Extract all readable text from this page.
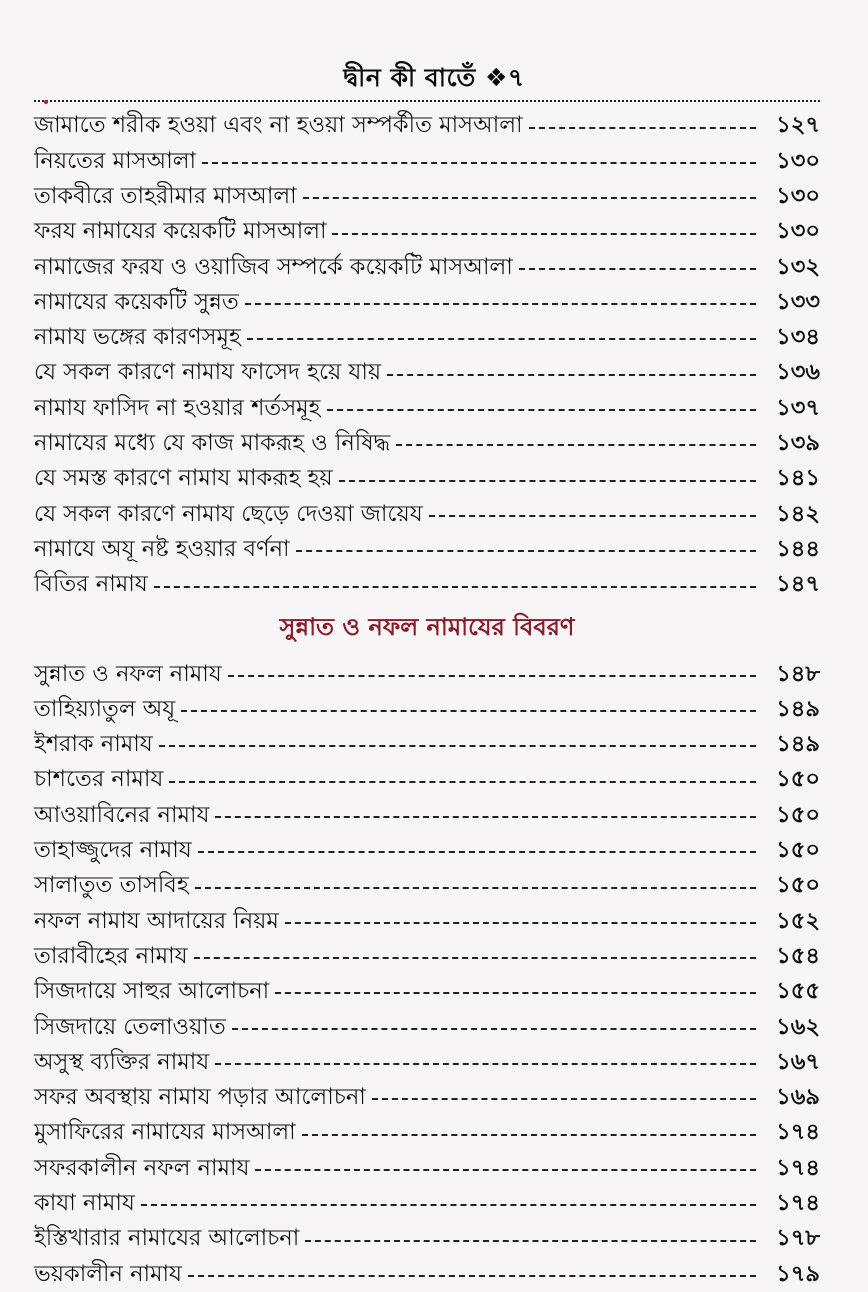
দ্বীন কী বাতেঁ ❖৭
জামাতে শরীক হওয়া এবং না হওয়া সম্পর্কীত মাসআলা	১২৭
নিয়তের মাসআলা	১৩০
তাকবীরে তাহরীমার মাসআলা	১৩০
ফরয নামাযের কয়েকটি মাসআলা	১৩০
নামাজের ফরয ও ওয়াজিব সম্পর্কে কয়েকটি মাসআলা	১৩২
নামাযের কয়েকটি সুন্নত	১৩৩
নামায ভঙ্গের কারণসমূহ	১৩৪
যে সকল কারণে নামায ফাসেদ হয়ে যায়	১৩৬
নামায ফাসিদ না হওয়ার শর্তসমূহ	১৩৭
নামাযের মধ্যে যে কাজ মাকরূহ ও নিষিদ্ধ	১৩৯
যে সমস্ত কারণে নামায মাকরূহ হয়	১৪১
যে সকল কারণে নামায ছেড়ে দেওয়া জায়েয	১৪২
নামাযে অযূ নষ্ট হওয়ার বর্ণনা	১৪৪
বিতির নামায	১৪৭
সুন্নাত ও নফল নামাযের বিবরণ
সুন্নাত ও নফল নামায	১৪৮
তাহিয়্যাতুল অযূ	১৪৯
ইশরাক নামায	১৪৯
চাশতের নামায	১৫০
আওয়াবিনের নামায	১৫০
তাহাজ্জুদের নামায	১৫০
সালাতুত তাসবিহ	১৫০
নফল নামায আদায়ের নিয়ম	১৫২
তারাবীহের নামায	১৫৪
সিজদায়ে সাহুর আলোচনা	১৫৫
সিজদায়ে তেলাওয়াত	১৬২
অসুস্থ ব্যক্তির নামায	১৬৭
সফর অবস্থায় নামায পড়ার আলোচনা	১৬৯
মুসাফিরের নামাযের মাসআলা	১৭৪
সফরকালীন নফল নামায	১৭৪
কাযা নামায	১৭৪
ইস্তিখারার নামাযের আলোচনা	১৭৮
ভয়কালীন নামায	১৭৯
